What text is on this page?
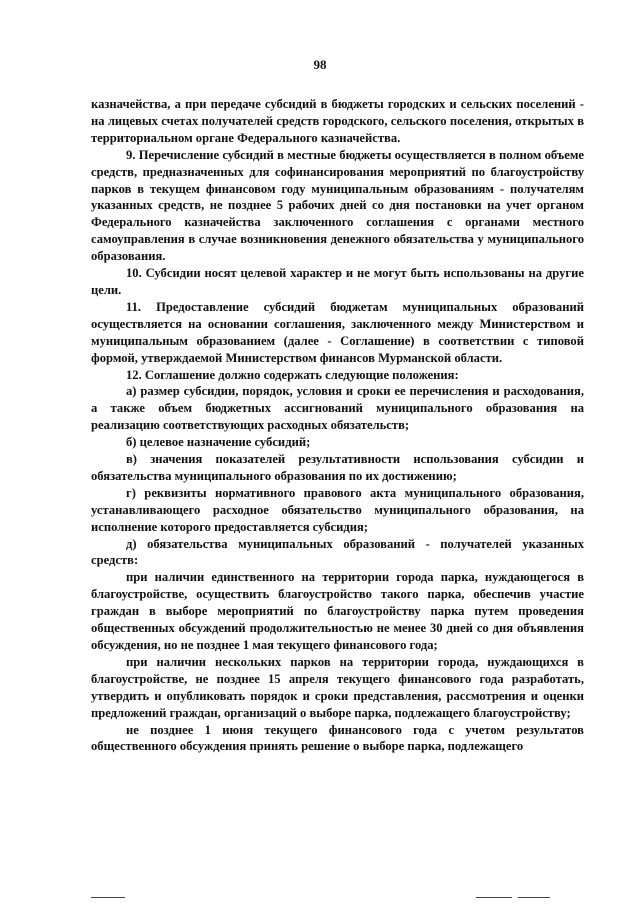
98

казначейства, а при передаче субсидий в бюджеты городских и сельских поселений - на лицевых счетах получателей средств городского, сельского поселения, открытых в территориальном органе Федерального казначейства.

9. Перечисление субсидий в местные бюджеты осуществляется в полном объеме средств, предназначенных для софинансирования мероприятий по благоустройству парков в текущем финансовом году муниципальным образованиям - получателям указанных средств, не позднее 5 рабочих дней со дня постановки на учет органом Федерального казначейства заключенного соглашения с органами местного самоуправления в случае возникновения денежного обязательства у муниципального образования.

10. Субсидии носят целевой характер и не могут быть использованы на другие цели.

11. Предоставление субсидий бюджетам муниципальных образований осуществляется на основании соглашения, заключенного между Министерством и муниципальным образованием (далее - Соглашение) в соответствии с типовой формой, утверждаемой Министерством финансов Мурманской области.

12. Соглашение должно содержать следующие положения:

а) размер субсидии, порядок, условия и сроки ее перечисления и расходования, а также объем бюджетных ассигнований муниципального образования на реализацию соответствующих расходных обязательств;

б) целевое назначение субсидий;

в) значения показателей результативности использования субсидии и обязательства муниципального образования по их достижению;

г) реквизиты нормативного правового акта муниципального образования, устанавливающего расходное обязательство муниципального образования, на исполнение которого предоставляется субсидия;

д) обязательства муниципальных образований - получателей указанных средств:

при наличии единственного на территории города парка, нуждающегося в благоустройстве, осуществить благоустройство такого парка, обеспечив участие граждан в выборе мероприятий по благоустройству парка путем проведения общественных обсуждений продолжительностью не менее 30 дней со дня объявления обсуждения, но не позднее 1 мая текущего финансового года;

при наличии нескольких парков на территории города, нуждающихся в благоустройстве, не позднее 15 апреля текущего финансового года разработать, утвердить и опубликовать порядок и сроки представления, рассмотрения и оценки предложений граждан, организаций о выборе парка, подлежащего благоустройству;

не позднее 1 июня текущего финансового года с учетом результатов общественного обсуждения принять решение о выборе парка, подлежащего
